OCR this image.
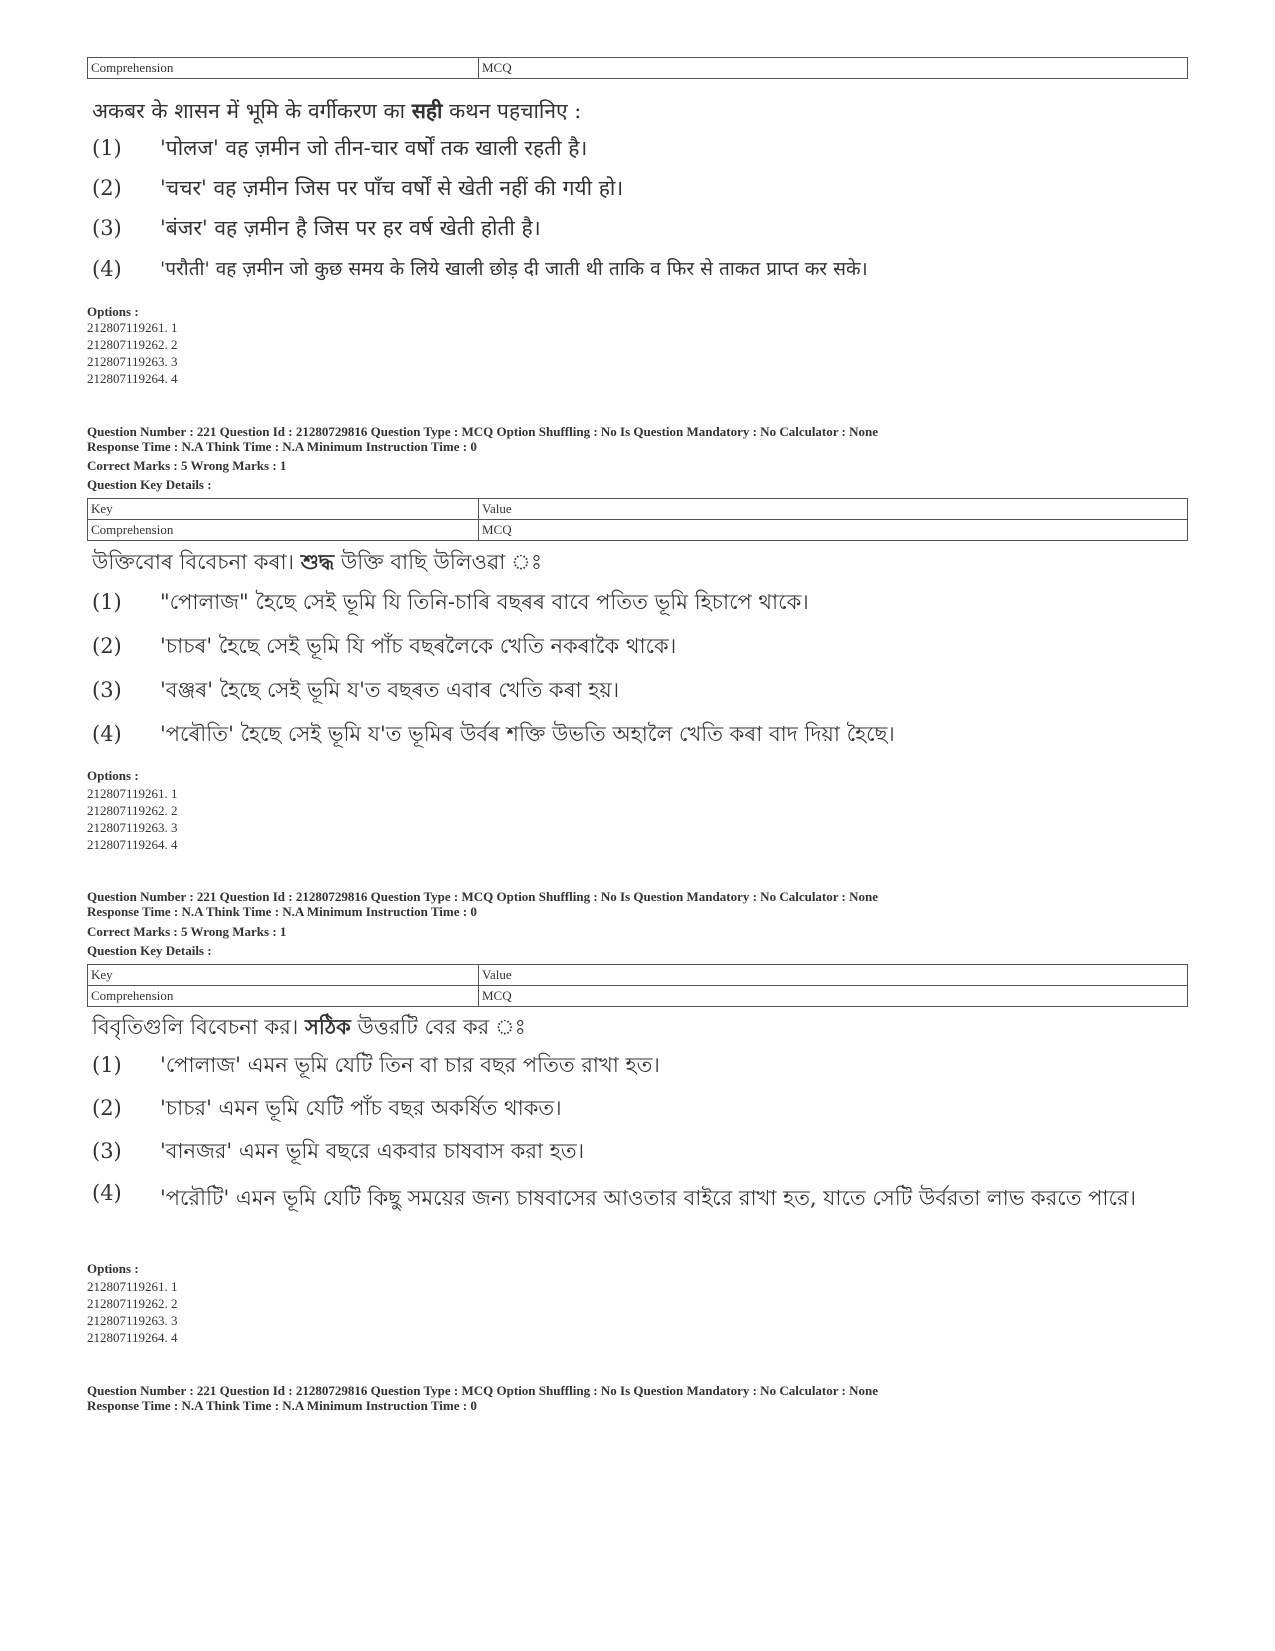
Comprehension	MCQ
अकबर के शासन में भूमि के वर्गीकरण का सही कथन पहचानिए :
(1)	'पोलज' वह ज़मीन जो तीन-चार वर्षों तक खाली रहती है।
(2)	'चचर' वह ज़मीन जिस पर पाँच वर्षों से खेती नहीं की गयी हो।
(3)	'बंजर' वह ज़मीन है जिस पर हर वर्ष खेती होती है।
(4)	'परौती' वह ज़मीन जो कुछ समय के लिये खाली छोड़ दी जाती थी ताकि व फिर से ताकत प्राप्त कर सके।
Options :
212807119261. 1
212807119262. 2
212807119263. 3
212807119264. 4
Question Number : 221 Question Id : 21280729816 Question Type : MCQ Option Shuffling : No Is Question Mandatory : No Calculator : None
Response Time : N.A Think Time : N.A Minimum Instruction Time : 0
Correct Marks : 5 Wrong Marks : 1
Question Key Details :
Key	Value
Comprehension	MCQ
উক্তিবোৰ বিবেচনা কৰা। শুদ্ধ উক্তি বাছি উলিওৱা ঃ
(1)	"পোলাজ" হৈছে সেই ভূমি যি তিনি-চাৰি বছৰৰ বাবে পতিত ভূমি হিচাপে থাকে।
(2)	'চাচৰ' হৈছে সেই ভূমি যি পাঁচ বছৰলৈকে খেতি নকৰাকৈ থাকে।
(3)	'বঞ্জৰ' হৈছে সেই ভূমি য'ত বছৰত এবাৰ খেতি কৰা হয়।
(4)	'পৰৌতি' হৈছে সেই ভূমি য'ত ভূমিৰ উৰ্বৰ শক্তি উভতি অহালৈ খেতি কৰা বাদ দিয়া হৈছে।
Options :
212807119261. 1
212807119262. 2
212807119263. 3
212807119264. 4
Question Number : 221 Question Id : 21280729816 Question Type : MCQ Option Shuffling : No Is Question Mandatory : No Calculator : None
Response Time : N.A Think Time : N.A Minimum Instruction Time : 0
Correct Marks : 5 Wrong Marks : 1
Question Key Details :
Key	Value
Comprehension	MCQ
বিবৃতিগুলি বিবেচনা কর। সঠিক উত্তরটি বের কর ঃ
(1)	'পোলাজ' এমন ভূমি যেটি তিন বা চার বছর পতিত রাখা হত।
(2)	'চাচর' এমন ভূমি যেটি পাঁচ বছর অকর্ষিত থাকত।
(3)	'বানজর' এমন ভূমি বছরে একবার চাষবাস করা হত।
(4)	'পরৌটি' এমন ভূমি যেটি কিছু সময়ের জন্য চাষবাসের আওতার বাইরে রাখা হত, যাতে সেটি উর্বরতা লাভ করতে পারে।
Options :
212807119261. 1
212807119262. 2
212807119263. 3
212807119264. 4
Question Number : 221 Question Id : 21280729816 Question Type : MCQ Option Shuffling : No Is Question Mandatory : No Calculator : None
Response Time : N.A Think Time : N.A Minimum Instruction Time : 0
